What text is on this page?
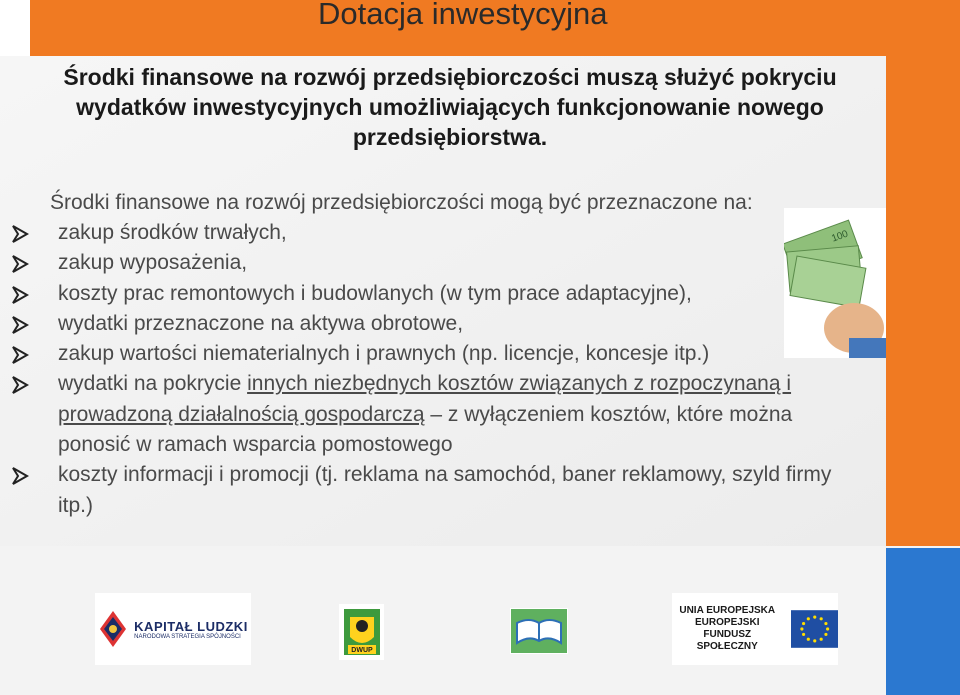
Dotacja inwestycyjna

Środki finansowe na rozwój przedsiębiorczości muszą służyć pokryciu wydatków inwestycyjnych umożliwiających funkcjonowanie nowego przedsiębiorstwa.

Środki finansowe na rozwój przedsiębiorczości mogą być przeznaczone na:

zakup środków trwałych,
zakup wyposażenia,
koszty prac remontowych i budowlanych (w tym prace adaptacyjne),
wydatki przeznaczone na aktywa obrotowe,
zakup wartości niematerialnych i prawnych (np. licencje, koncesje itp.)
wydatki na pokrycie innych niezbędnych kosztów związanych z rozpoczynaną i prowadzoną działalnością gospodarczą – z wyłączeniem kosztów, które można ponosić w ramach wsparcia pomostowego
koszty informacji i promocji (tj. reklama na samochód, baner reklamowy, szyld firmy itp.)
100
KAPITAŁ LUDZKI
NARODOWA STRATEGIA SPÓJNOŚCI
DWUP
UNIA EUROPEJSKA
EUROPEJSKI
FUNDUSZ SPOŁECZNY
